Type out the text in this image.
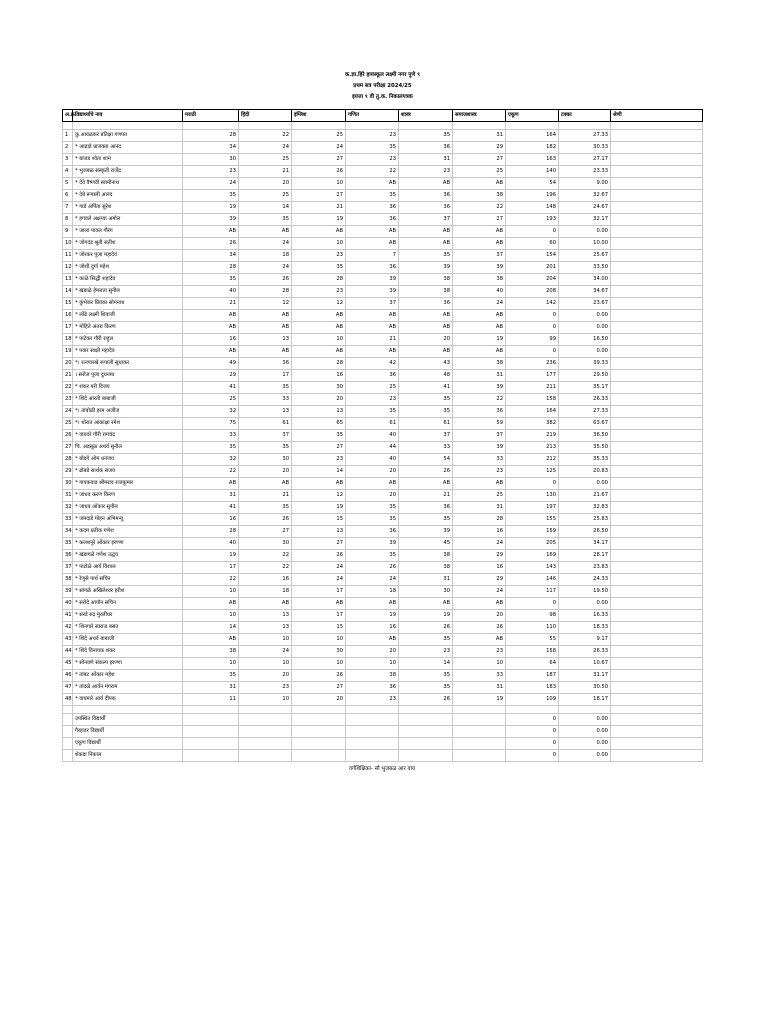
क.ज्ञा.हिरे हायस्कूल लक्ष्मी नगर पुणे ९										
प्रथम सत्र परीक्षा 2024/25										
इयत्ता ९ वी तु.क. निकालपत्रक										

अ.क्र.	विद्यार्थ्याचे नाव	मराठी	हिंदी	इंग्लिश	गणित	शास्त्र	समाजशास्त्र	एकूण	टक्का	श्रेणी

1	कु.आवळकर प्रतिक्षा गणपत	28	22	25	23	35	31	164	27.33	
2	* आढाडे प्राजक्ता आनंद	34	24	24	35	36	29	182	30.33	
3	* बाजड श्वेता शाम	30	25	27	23	31	27	163	27.17	
4	* भुजबळ संस्कृती राजेंद्र	23	21	26	22	23	25	140	23.33	
5	* देवे वैष्णवी स्वामीनाथ	24	20	10	AB	AB	AB	54	9.00	
6	* देबे रूपाली आनंद	35	25	27	35	36	38	196	32.67	
7	* गाडे अर्पिता सुरेश	19	14	21	36	36	22	148	24.67	
8	* हगवले अक्षय्या अमोल	39	35	19	36	37	27	193	32.17	
9	* जाला पायल गौरंग	AB	AB	AB	AB	AB	AB	0	0.00	
10	* जोगदंड श्रुती सतीश	26	24	10	AB	AB	AB	60	10.00	
11	* जोरकर पूजा महादेव	34	18	23	7	35	37	154	25.67	
12	* जोशी दुर्गा महेश	28	24	35	36	39	39	201	33.50	
13	* काळे सिद्धी शहादेव	35	26	28	39	38	38	204	34.00	
14	* खंडाळे हेमलता सुनील	40	28	23	39	38	40	208	34.67	
15	* कुंभेकर प्रियंका सोमनाथ	21	12	12	37	36	24	142	23.67	
16	* लोंढे लक्ष्मी शिवाजी	AB	AB	AB	AB	AB	AB	0	0.00	
17	* मोहिते अंतरा किरण	AB	AB	AB	AB	AB	AB	0	0.00	
18	* पाटेकर गौरी राहुल	16	13	10	21	20	19	99	16.50	
19	* पवार साक्षी महादेव	AB	AB	AB	AB	AB	AB	0	0.00	
20	*। रत्नपारखे रूपाली सुधाकर	49	36	28	42	43	38	236	39.33	
21	। सरोज पूजा दुधनाथ	29	17	16	36	48	31	177	29.50	
22	* शंकर परी विजय	41	35	30	25	41	39	211	35.17	
23	* शिंदे आरती बाबाजी	25	33	20	23	35	22	158	26.33	
24	*। तांबोळी इरम अजीज	32	13	13	35	35	36	164	27.33	
25	*। थोरात आकांक्षा रमेश	75	61	65	61	61	59	382	63.67	
26	* वाघदरे गौरी रामचंद्र	33	37	35	40	37	37	219	36.50	
27	चि. अडसूळ अथर्व सुनील	35	35	27	44	33	39	213	35.50	
28	* बोडगे ओम धनंजय	32	30	23	40	54	33	212	35.33	
29	* ढोबडे सार्थक संजय	22	20	14	20	26	23	125	20.83	
30	* गायकवाड श्रीमराव राजकुमार	AB	AB	AB	AB	AB	AB	0	0.00	
31	* जाधव करण किरण	31	21	12	20	21	25	130	21.67	
32	* जाधव ओंकार सुनील	41	35	19	35	36	31	197	32.83	
33	* जमदाडे मोहन अभिमन्यू	16	26	15	35	35	28	155	25.83	
34	* कदम प्रतीक गणेश	28	27	13	36	39	16	159	26.50	
35	* कलशनूरे ओंकार इरण्णा	40	30	27	39	45	24	205	34.17	
36	* खंडागळे गणेश उद्धव	19	22	26	35	38	29	169	28.17	
37	* पाटोळे आर्य विशाल	17	22	24	26	38	16	143	23.83	
38	* रेणुसे पार्थ सचिन	22	16	24	24	31	29	146	24.33	
39	* सांगळे अखिलेश्वर हरीश	10	18	17	18	30	24	117	19.50	
40	* सरोदे आयॉन सचिन	AB	AB	AB	AB	AB	AB	0	0.00	
41	* सरडे रुद्र मुरलीधर	10	13	17	19	19	20	98	16.33	
42	* शिनगारे स्वराज बसंत	14	13	15	16	26	26	110	18.33	
43	* शिंदे अथर्व बाबाजी	AB	10	10	AB	35	AB	55	9.17	
44	* शिंदे विनायक शंकर	38	24	30	20	23	23	158	26.33	
45	* सोनवणे संकल्प इरण्णा	10	10	10	10	14	10	64	10.67	
46	* तांबट ओंकार महेश	35	20	26	38	35	33	187	31.17	
47	* तांदळे आर्यन मंगराम	31	23	27	36	35	31	183	30.50	
48	* वाघमारे आर्य दीपक	11	10	20	23	26	19	109	18.17	

	उपस्थित विद्यार्थी							0	0.00	
	गैरहजर विद्यार्थी							0	0.00	
	एकूण विद्यार्थी							0	0.00	
	शेकडा निकाल							0	0.00	
वर्गशिक्षिका- सौ भुजबळ आर वाय
